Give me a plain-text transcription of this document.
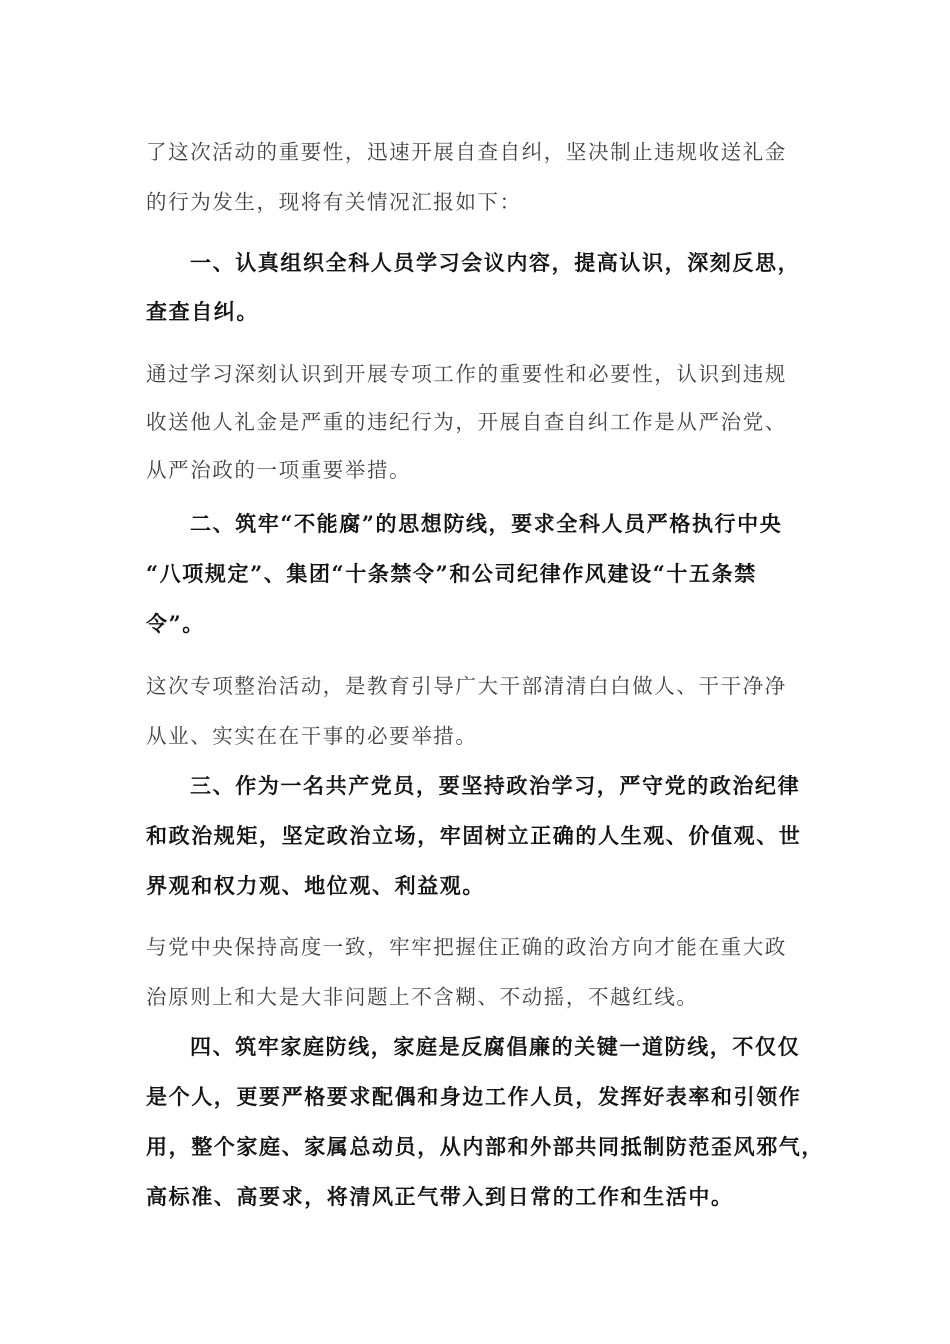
了这次活动的重要性，迅速开展自查自纠，坚决制止违规收送礼金
的行为发生，现将有关情况汇报如下：
一、认真组织全科人员学习会议内容，提高认识，深刻反思，
查查自纠。
通过学习深刻认识到开展专项工作的重要性和必要性，认识到违规
收送他人礼金是严重的违纪行为，开展自查自纠工作是从严治党、
从严治政的一项重要举措。
二、筑牢“不能腐”的思想防线，要求全科人员严格执行中央
“八项规定”、集团“十条禁令”和公司纪律作风建设“十五条禁
令”。
这次专项整治活动，是教育引导广大干部清清白白做人、干干净净
从业、实实在在干事的必要举措。
三、作为一名共产党员，要坚持政治学习，严守党的政治纪律
和政治规矩，坚定政治立场，牢固树立正确的人生观、价值观、世
界观和权力观、地位观、利益观。
与党中央保持高度一致，牢牢把握住正确的政治方向才能在重大政
治原则上和大是大非问题上不含糊、不动摇，不越红线。
四、筑牢家庭防线，家庭是反腐倡廉的关键一道防线，不仅仅
是个人，更要严格要求配偶和身边工作人员，发挥好表率和引领作
用，整个家庭、家属总动员，从内部和外部共同抵制防范歪风邪气，
高标准、高要求，将清风正气带入到日常的工作和生活中。
